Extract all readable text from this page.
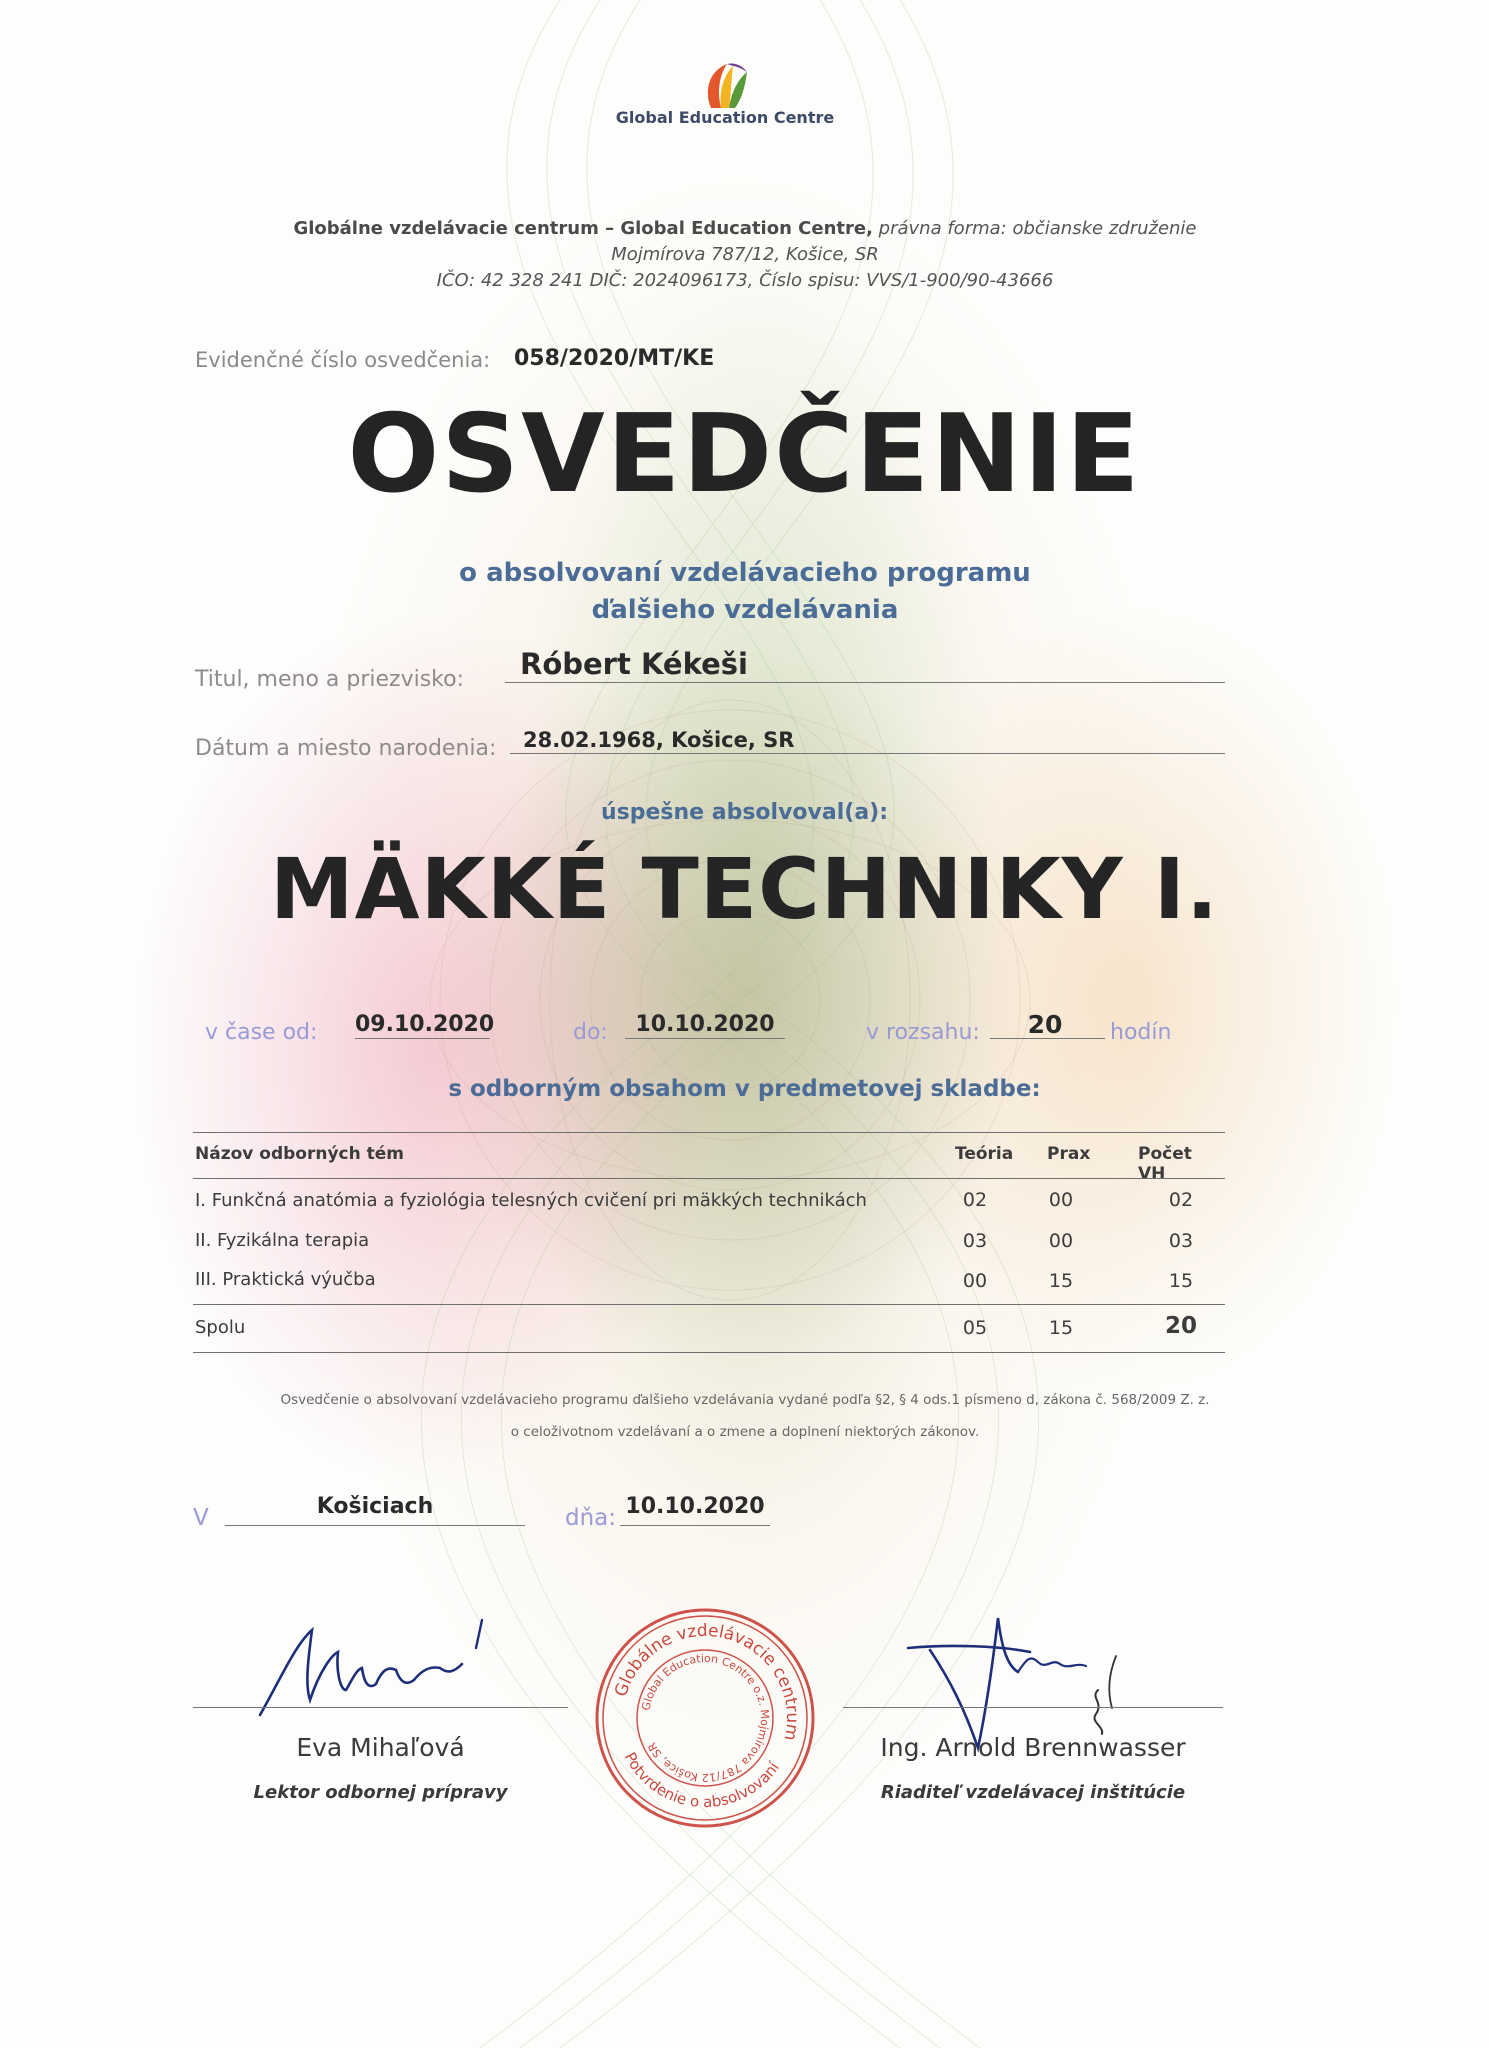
Global Education Centre
Globálne vzdelávacie centrum – Global Education Centre, právna forma: občianske združenie
Mojmírova 787/12, Košice, SR
IČO: 42 328 241 DIČ: 2024096173, Číslo spisu: VVS/1-900/90-43666
Evidenčné číslo osvedčenia: 058/2020/MT/KE
OSVEDČENIE
o absolvovaní vzdelávacieho programu
ďalšieho vzdelávania
Titul, meno a priezvisko: Róbert Kékeši
Dátum a miesto narodenia: 28.02.1968, Košice, SR
úspešne absolvoval(a):
MÄKKÉ TECHNIKY I.
v čase od: 09.10.2020	do:	10.10.2020	v rozsahu:	20	hodín
s odborným obsahom v predmetovej skladbe:
Názov odborných tém	Teória Prax	Počet VH
I. Funkčná anatómia a fyziológia telesných cvičení pri mäkkých technikách	02	00	02
II. Fyzikálna terapia	03	00	03
III. Praktická výučba	00	15	15
Spolu	05	15	20
Osvedčenie o absolvovaní vzdelávacieho programu ďalšieho vzdelávania vydané podľa §2, § 4 ods.1 písmeno d, zákona č. 568/2009 Z. z.
o celoživotnom vzdelávaní a o zmene a doplnení niektorých zákonov.
V	Košiciach	dňa: 10.10.2020
Eva Mihaľová
Lektor odbornej prípravy
Globálne vzdelávacie centrum
Global Education Centre o.z. Mojmírova 787/12 Košice, SR
Potvrdenie o absolvovaní
Ing. Arnold Brennwasser
Riaditeľ vzdelávacej inštitúcie
